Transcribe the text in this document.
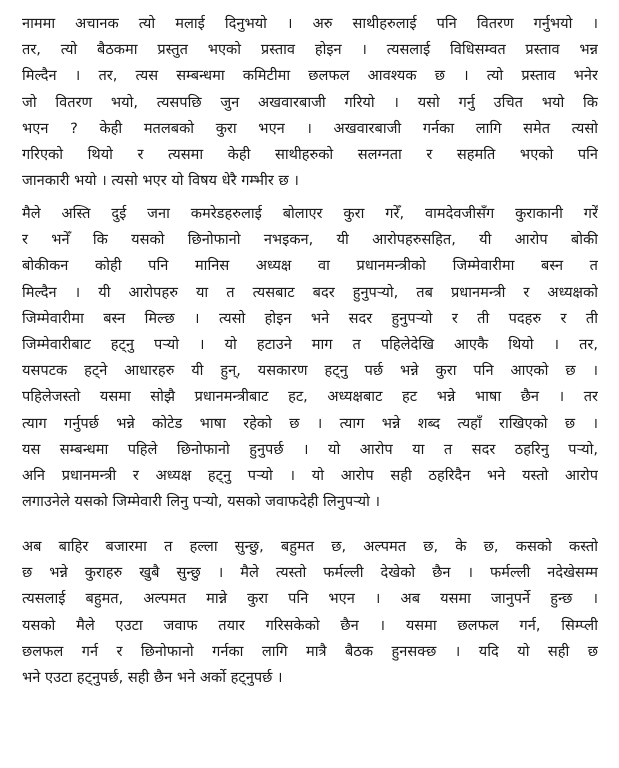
नाममा अचानक त्यो मलाई दिनुभयो । अरु साथीहरुलाई पनि वितरण गर्नुभयो ।
तर, त्यो बैठकमा प्रस्तुत भएको प्रस्ताव होइन । त्यसलाई विधिसम्वत प्रस्ताव भन्न
मिल्दैन । तर, त्यस सम्बन्धमा कमिटीमा छलफल आवश्यक छ । त्यो प्रस्ताव भनेर
जो वितरण भयो, त्यसपछि जुन अखवारबाजी गरियो । यसो गर्नु उचित भयो कि
भएन ? केही मतलबको कुरा भएन । अखवारबाजी गर्नका लागि समेत त्यसो
गरिएको थियो र त्यसमा केही साथीहरुको सलग्नता र सहमति भएको पनि
जानकारी भयो । त्यसो भएर यो विषय धेरै गम्भीर छ ।
मैले अस्ति दुई जना कमरेडहरुलाई बोलाएर कुरा गरेँ, वामदेवजीसँग कुराकानी गरेँ
र भनेँ कि यसको छिनोफानो नभइकन, यी आरोपहरुसहित, यी आरोप बोकी
बोकीकन कोही पनि मानिस अध्यक्ष वा प्रधानमन्त्रीको जिम्मेवारीमा बस्न त
मिल्दैन । यी आरोपहरु या त त्यसबाट बदर हुनुपर्‍यो, तब प्रधानमन्त्री र अध्यक्षको
जिम्मेवारीमा बस्न मिल्छ । त्यसो होइन भने सदर हुनुपर्‍यो र ती पदहरु र ती
जिम्मेवारीबाट हट्नु पर्‍यो । यो हटाउने माग त पहिलेदेखि आएकै थियो । तर,
यसपटक हट्ने आधारहरु यी हुन्, यसकारण हट्नु पर्छ भन्ने कुरा पनि आएको छ ।
पहिलेजस्तो यसमा सोझै प्रधानमन्त्रीबाट हट, अध्यक्षबाट हट भन्ने भाषा छैन । तर
त्याग गर्नुपर्छ भन्ने कोटेड भाषा रहेको छ । त्याग भन्ने शब्द त्यहाँ राखिएको छ ।
यस सम्बन्धमा पहिले छिनोफानो हुनुपर्छ । यो आरोप या त सदर ठहरिनु पर्‍यो,
अनि प्रधानमन्त्री र अध्यक्ष हट्नु पर्‍यो । यो आरोप सही ठहरिदैन भने यस्तो आरोप
लगाउनेले यसको जिम्मेवारी लिनु पर्‍यो, यसको जवाफदेही लिनुपर्‍यो ।
अब बाहिर बजारमा त हल्ला सुन्छु, बहुमत छ, अल्पमत छ, के छ, कसको कस्तो
छ भन्ने कुराहरु खुबै सुन्छु । मैले त्यस्तो फर्मल्ली देखेको छैन । फर्मल्ली नदेखेसम्म
त्यसलाई बहुमत, अल्पमत मान्ने कुरा पनि भएन । अब यसमा जानुपर्ने हुन्छ ।
यसको मैले एउटा जवाफ तयार गरिसकेको छैन । यसमा छलफल गर्न, सिम्प्ली
छलफल गर्न र छिनोफानो गर्नका लागि मात्रै बैठक हुनसक्छ । यदि यो सही छ
भने एउटा हट्नुपर्छ, सही छैन भने अर्को हट्नुपर्छ ।
